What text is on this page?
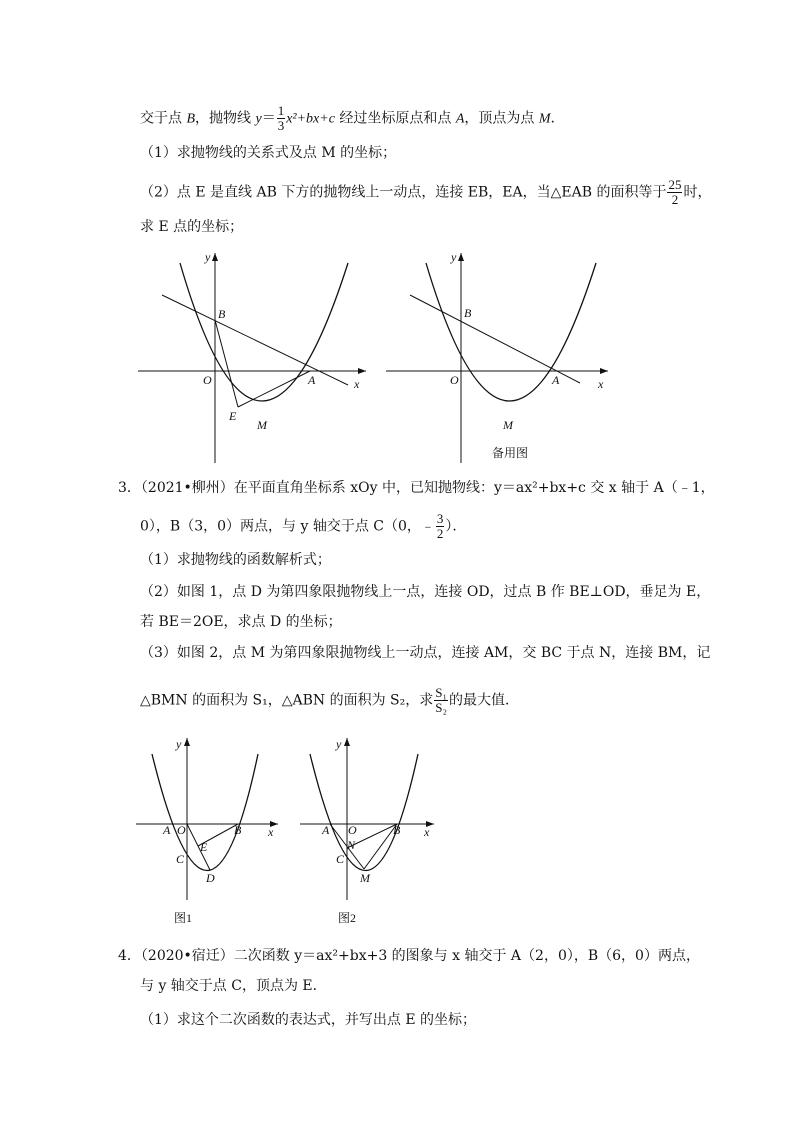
交于点 B，抛物线 $y= \frac{1}{3} x^2+bx+c$ 经过坐标原点和点 A，顶点为点 M.
（1）求抛物线的关系式及点 M 的坐标；
（2）点 E 是直线 AB 下方的抛物线上一动点，连接 EB，EA，当△EAB 的面积等于 $\frac{25}{2}$ 时，
求 E 点的坐标；
y
x
O
B
A
E
M
y
x
O
B
A
M
备用图
3．（2021•柳州）在平面直角坐标系 xOy 中，已知抛物线：y＝ax²+bx+c 交 x 轴于 A（﹣1，
0），B（3，0）两点，与 y 轴交于点 C（0，﹣ $\frac{3}{2}$ ）．
（1）求抛物线的函数解析式；
（2）如图 1，点 D 为第四象限抛物线上一点，连接 OD，过点 B 作 BE⊥OD，垂足为 E，
若 BE＝2OE，求点 D 的坐标；
（3）如图 2，点 M 为第四象限抛物线上一动点，连接 AM，交 BC 于点 N，连接 BM，记
△BMN 的面积为 S₁，△ABN 的面积为 S₂，求 $\frac{\text{S₁}}{\text{S₂}}$ 的最大值．
y
x
A O	B
C
E
D
图1
y
x
A O	B
C
N
M
图2
4．（2020•宿迁）二次函数 y＝ax²+bx+3 的图象与 x 轴交于 A（2，0），B（6，0）两点，
与 y 轴交于点 C，顶点为 E．
（1）求这个二次函数的表达式，并写出点 E 的坐标；
